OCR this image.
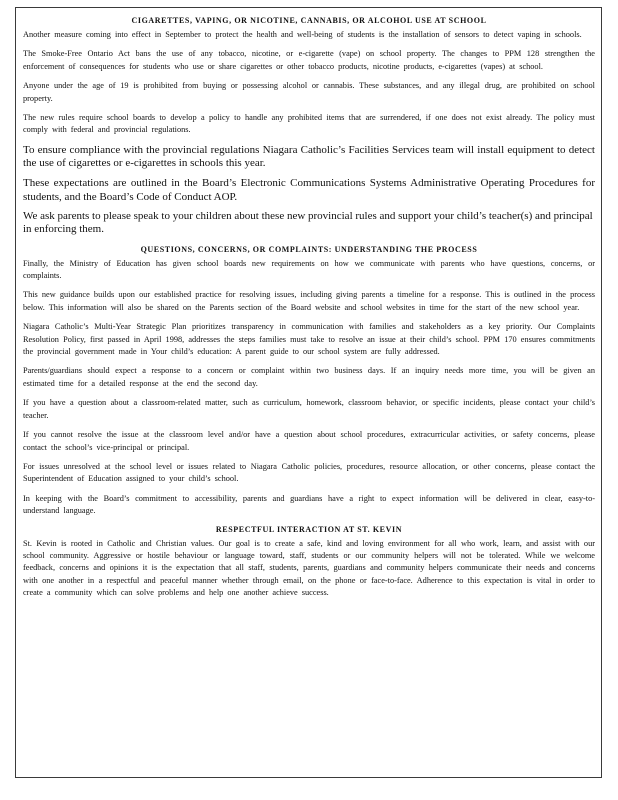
CIGARETTES, VAPING, OR NICOTINE, CANNABIS, OR ALCOHOL USE AT SCHOOL

Another measure coming into effect in September to protect the health and well-being of students is the installation of sensors to detect vaping in schools.

The Smoke-Free Ontario Act bans the use of any tobacco, nicotine, or e-cigarette (vape) on school property. The changes to PPM 128 strengthen the enforcement of consequences for students who use or share cigarettes or other tobacco products, nicotine products, e-cigarettes (vapes) at school.

Anyone under the age of 19 is prohibited from buying or possessing alcohol or cannabis. These substances, and any illegal drug, are prohibited on school property.

The new rules require school boards to develop a policy to handle any prohibited items that are surrendered, if one does not exist already. The policy must comply with federal and provincial regulations.

To ensure compliance with the provincial regulations Niagara Catholic’s Facilities Services team will install equipment to detect the use of cigarettes or e-cigarettes in schools this year.

These expectations are outlined in the Board’s Electronic Communications Systems Administrative Operating Procedures for students, and the Board’s Code of Conduct AOP.

We ask parents to please speak to your children about these new provincial rules and support your child’s teacher(s) and principal in enforcing them.

QUESTIONS, CONCERNS, OR COMPLAINTS: UNDERSTANDING THE PROCESS

Finally, the Ministry of Education has given school boards new requirements on how we communicate with parents who have questions, concerns, or complaints.

This new guidance builds upon our established practice for resolving issues, including giving parents a timeline for a response. This is outlined in the process below. This information will also be shared on the Parents section of the Board website and school websites in time for the start of the new school year.

Niagara Catholic’s Multi-Year Strategic Plan prioritizes transparency in communication with families and stakeholders as a key priority. Our Complaints Resolution Policy, first passed in April 1998, addresses the steps families must take to resolve an issue at their child’s school. PPM 170 ensures commitments the provincial government made in Your child’s education: A parent guide to our school system are fully addressed.

Parents/guardians should expect a response to a concern or complaint within two business days. If an inquiry needs more time, you will be given an estimated time for a detailed response at the end the second day.

If you have a question about a classroom-related matter, such as curriculum, homework, classroom behavior, or specific incidents, please contact your child’s teacher.

If you cannot resolve the issue at the classroom level and/or have a question about school procedures, extracurricular activities, or safety concerns, please contact the school’s vice-principal or principal.

For issues unresolved at the school level or issues related to Niagara Catholic policies, procedures, resource allocation, or other concerns, please contact the Superintendent of Education assigned to your child’s school.

In keeping with the Board’s commitment to accessibility, parents and guardians have a right to expect information will be delivered in clear, easy-to-understand language.

RESPECTFUL INTERACTION AT ST. KEVIN

St. Kevin is rooted in Catholic and Christian values. Our goal is to create a safe, kind and loving environment for all who work, learn, and assist with our school community. Aggressive or hostile behaviour or language toward, staff, students or our community helpers will not be tolerated. While we welcome feedback, concerns and opinions it is the expectation that all staff, students, parents, guardians and community helpers communicate their needs and concerns with one another in a respectful and peaceful manner whether through email, on the phone or face-to-face. Adherence to this expectation is vital in order to create a community which can solve problems and help one another achieve success.
